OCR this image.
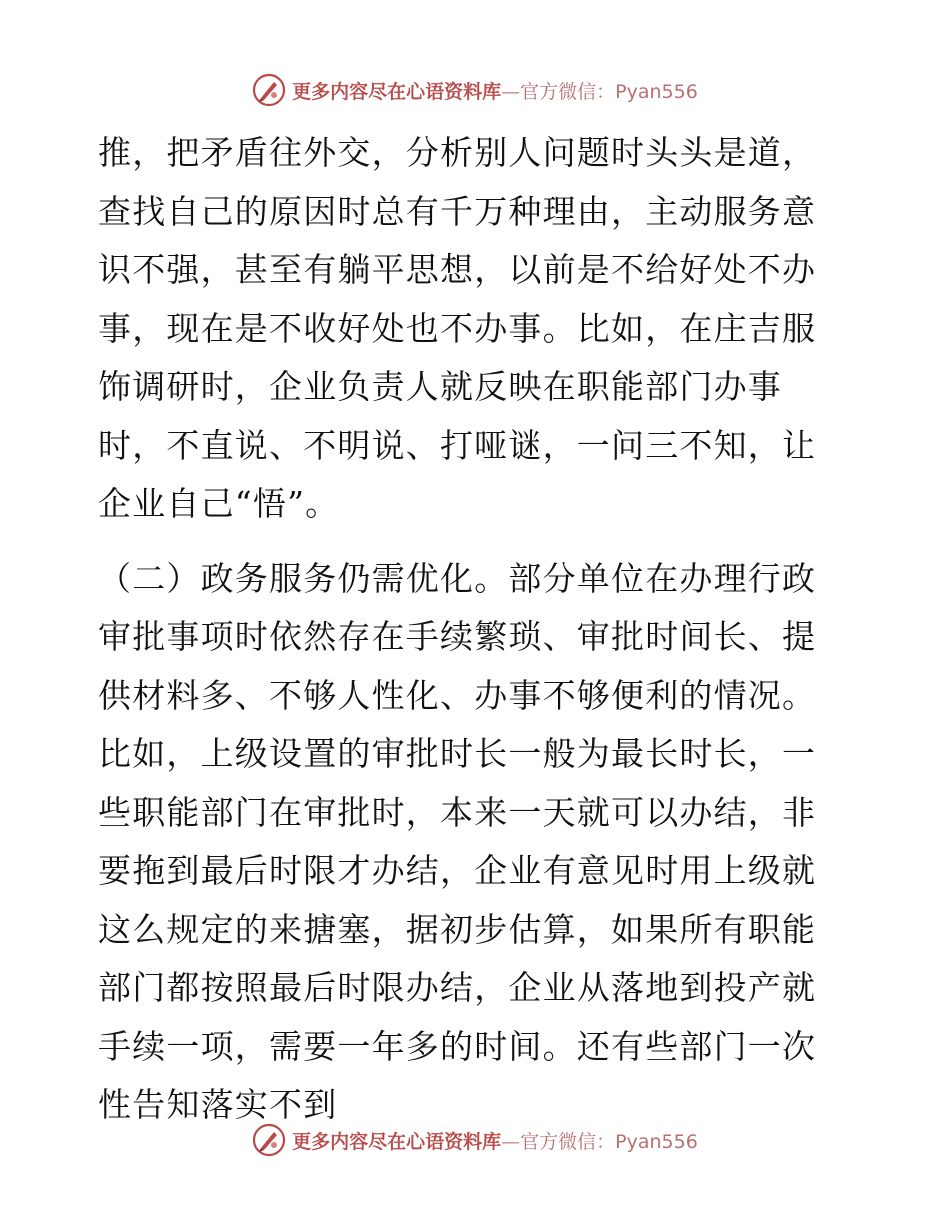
更多内容尽在心语资料库—官方微信：Pyan556

推，把矛盾往外交，分析别人问题时头头是道，查找自己的原因时总有千万种理由，主动服务意识不强，甚至有躺平思想，以前是不给好处不办事，现在是不收好处也不办事。比如，在庄吉服饰调研时，企业负责人就反映在职能部门办事时，不直说、不明说、打哑谜，一问三不知，让企业自己“悟”。

（二）政务服务仍需优化。部分单位在办理行政审批事项时依然存在手续繁琐、审批时间长、提供材料多、不够人性化、办事不够便利的情况。比如，上级设置的审批时长一般为最长时长，一些职能部门在审批时，本来一天就可以办结，非要拖到最后时限才办结，企业有意见时用上级就这么规定的来搪塞，据初步估算，如果所有职能部门都按照最后时限办结，企业从落地到投产就手续一项，需要一年多的时间。还有些部门一次性告知落实不到

更多内容尽在心语资料库—官方微信：Pyan556
